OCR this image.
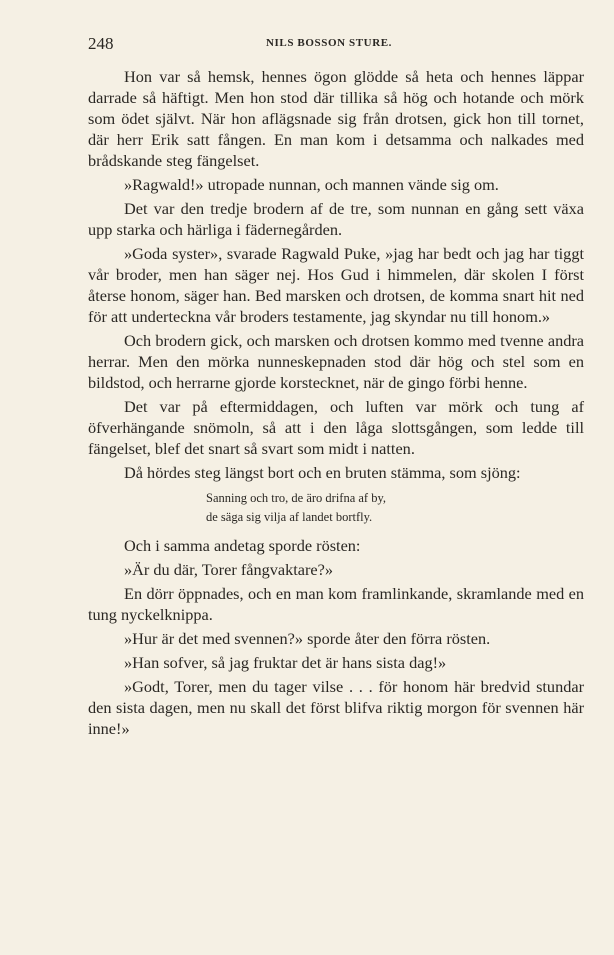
248	NILS BOSSON STURE.

Hon var så hemsk, hennes ögon glödde så heta och hennes läppar darrade så häftigt. Men hon stod där tillika så hög och hotande och mörk som ödet självt. När hon aflägsnade sig från drotsen, gick hon till tornet, där herr Erik satt fången. En man kom i detsamma och nalkades med brådskande steg fängelset.

»Ragwald!» utropade nunnan, och mannen vände sig om.

Det var den tredje brodern af de tre, som nunnan en gång sett växa upp starka och härliga i fädernegården.

»Goda syster», svarade Ragwald Puke, »jag har bedt och jag har tiggt vår broder, men han säger nej. Hos Gud i himmelen, där skolen I först återse honom, säger han. Bed marsken och drotsen, de komma snart hit ned för att underteckna vår broders testamente, jag skyndar nu till honom.»

Och brodern gick, och marsken och drotsen kommo med tvenne andra herrar. Men den mörka nunneskepnaden stod där hög och stel som en bildstod, och herrarne gjorde korstecknet, när de gingo förbi henne.

Det var på eftermiddagen, och luften var mörk och tung af öfverhängande snömoln, så att i den låga slottsgången, som ledde till fängelset, blef det snart så svart som midt i natten.

Då hördes steg längst bort och en bruten stämma, som sjöng:

Sanning och tro, de äro drifna af by,
de säga sig vilja af landet bortfly.

Och i samma andetag sporde rösten:

»Är du där, Torer fångvaktare?»

En dörr öppnades, och en man kom framlinkande, skramlande med en tung nyckelknippa.

»Hur är det med svennen?» sporde åter den förra rösten.

»Han sofver, så jag fruktar det är hans sista dag!»

»Godt, Torer, men du tager vilse . . . för honom här bredvid stundar den sista dagen, men nu skall det först blifva riktig morgon för svennen här inne!»
